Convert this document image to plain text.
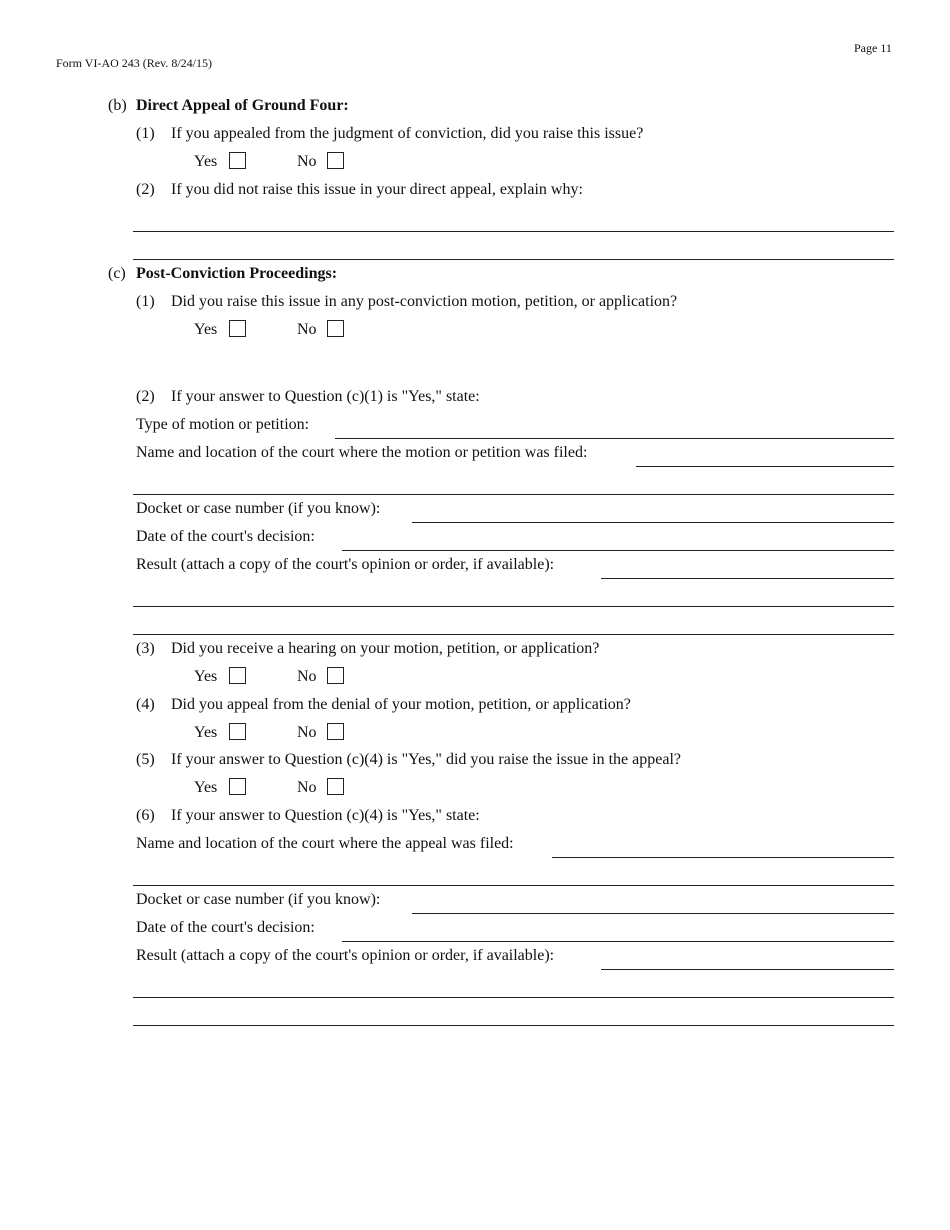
Page 11
Form VI-AO 243 (Rev. 8/24/15)
(b) Direct Appeal of Ground Four:
(1) If you appealed from the judgment of conviction, did you raise this issue?
Yes	No
(2) If you did not raise this issue in your direct appeal, explain why:
(c) Post-Conviction Proceedings:
(1) Did you raise this issue in any post-conviction motion, petition, or application?
Yes	No
(2) If your answer to Question (c)(1) is "Yes," state:
Type of motion or petition:
Name and location of the court where the motion or petition was filed:
Docket or case number (if you know):
Date of the court's decision:
Result (attach a copy of the court's opinion or order, if available):
(3) Did you receive a hearing on your motion, petition, or application?
Yes	No
(4) Did you appeal from the denial of your motion, petition, or application?
Yes	No
(5) If your answer to Question (c)(4) is "Yes," did you raise the issue in the appeal?
Yes	No
(6) If your answer to Question (c)(4) is "Yes," state:
Name and location of the court where the appeal was filed:
Docket or case number (if you know):
Date of the court's decision:
Result (attach a copy of the court's opinion or order, if available):
